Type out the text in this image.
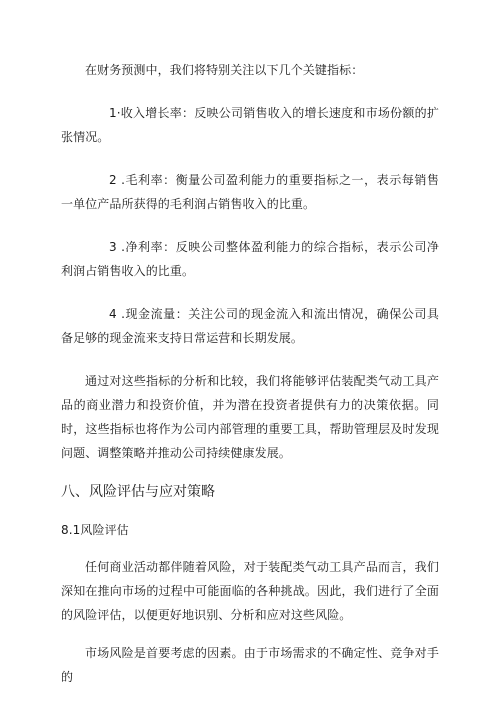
在财务预测中，我们将特别关注以下几个关键指标：

1·收入增长率：反映公司销售收入的增长速度和市场份额的扩张情况。

2 .毛利率：衡量公司盈利能力的重要指标之一，表示每销售一单位产品所获得的毛利润占销售收入的比重。

3 .净利率：反映公司整体盈利能力的综合指标，表示公司净利润占销售收入的比重。

4 .现金流量：关注公司的现金流入和流出情况，确保公司具备足够的现金流来支持日常运营和长期发展。

通过对这些指标的分析和比较，我们将能够评估装配类气动工具产品的商业潜力和投资价值，并为潜在投资者提供有力的决策依据。同时，这些指标也将作为公司内部管理的重要工具，帮助管理层及时发现问题、调整策略并推动公司持续健康发展。

八、风险评估与应对策略

8.1风险评估

任何商业活动都伴随着风险，对于装配类气动工具产品而言，我们深知在推向市场的过程中可能面临的各种挑战。因此，我们进行了全面的风险评估，以便更好地识别、分析和应对这些风险。

市场风险是首要考虑的因素。由于市场需求的不确定性、竞争对手的
